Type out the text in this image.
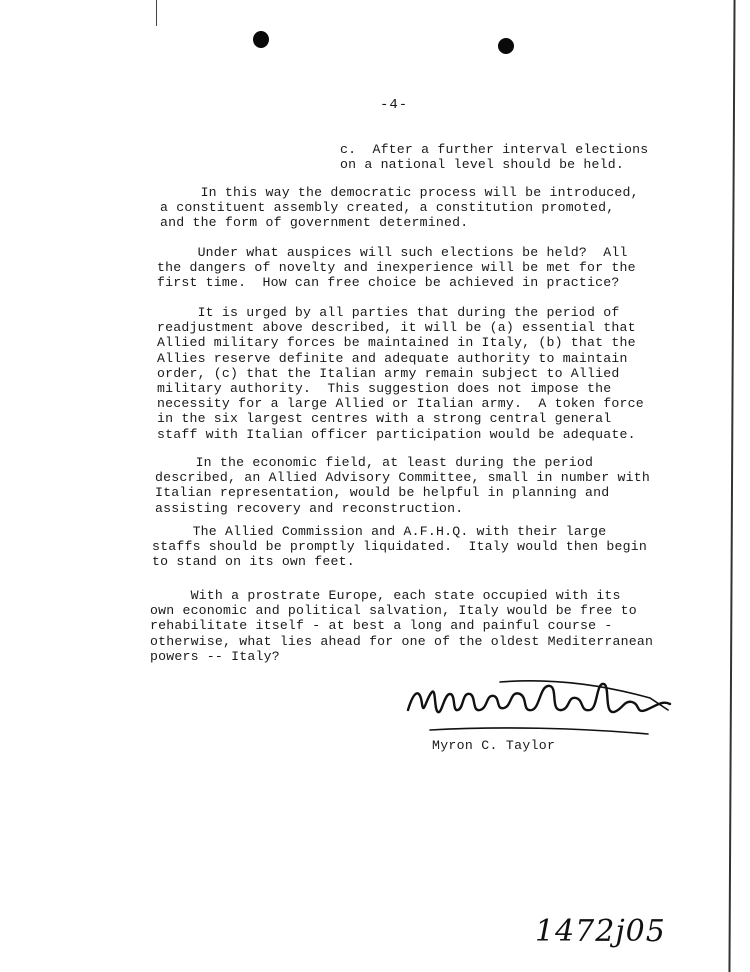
-4-
c.  After a further interval elections
on a national level should be held.
In this way the democratic process will be introduced,
a constituent assembly created, a constitution promoted,
and the form of government determined.
Under what auspices will such elections be held?  All
the dangers of novelty and inexperience will be met for the
first time.  How can free choice be achieved in practice?
It is urged by all parties that during the period of
readjustment above described, it will be (a) essential that
Allied military forces be maintained in Italy, (b) that the
Allies reserve definite and adequate authority to maintain
order, (c) that the Italian army remain subject to Allied
military authority.  This suggestion does not impose the
necessity for a large Allied or Italian army.  A token force
in the six largest centres with a strong central general
staff with Italian officer participation would be adequate.
In the economic field, at least during the period
described, an Allied Advisory Committee, small in number with
Italian representation, would be helpful in planning and
assisting recovery and reconstruction.
The Allied Commission and A.F.H.Q. with their large
staffs should be promptly liquidated.  Italy would then begin
to stand on its own feet.
With a prostrate Europe, each state occupied with its
own economic and political salvation, Italy would be free to
rehabilitate itself - at best a long and painful course -
otherwise, what lies ahead for one of the oldest Mediterranean
powers -- Italy?
Myron C. Taylor
1472j05
